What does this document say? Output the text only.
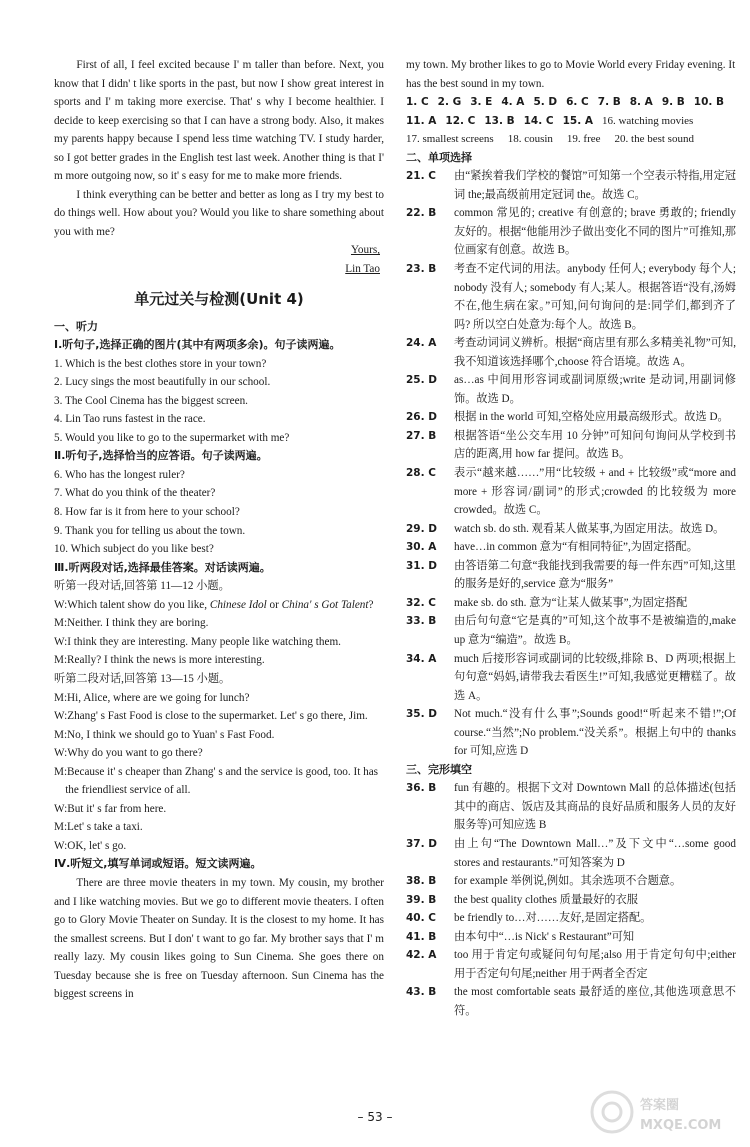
First of all, I feel excited because I' m taller than before. Next, you know that I didn' t like sports in the past, but now I show great interest in sports and I' m taking more exercise. That' s why I become healthier. I decide to keep exercising so that I can have a strong body. Also, it makes my parents happy because I spend less time watching TV. I study harder, so I got better grades in the English test last week. Another thing is that I' m more outgoing now, so it' s easy for me to make more friends.

I think everything can be better and better as long as I try my best to do things well. How about you? Would you like to share something about you with me?

Yours,

Lin Tao

单元过关与检测(Unit 4)

一、听力

Ⅰ.听句子,选择正确的图片(其中有两项多余)。句子读两遍。

1. Which is the best clothes store in your town?

2. Lucy sings the most beautifully in our school.

3. The Cool Cinema has the biggest screen.

4. Lin Tao runs fastest in the race.

5. Would you like to go to the supermarket with me?

Ⅱ.听句子,选择恰当的应答语。句子读两遍。

6. Who has the longest ruler?

7. What do you think of the theater?

8. How far is it from here to your school?

9. Thank you for telling us about the town.

10. Which subject do you like best?

Ⅲ.听两段对话,选择最佳答案。对话读两遍。

听第一段对话,回答第 11—12 小题。

W:Which talent show do you like, Chinese Idol or China' s Got Talent?

M:Neither. I think they are boring.

W:I think they are interesting. Many people like watching them.

M:Really? I think the news is more interesting.

听第二段对话,回答第 13—15 小题。

M:Hi, Alice, where are we going for lunch?

W:Zhang' s Fast Food is close to the supermarket. Let' s go there, Jim.

M:No, I think we should go to Yuan' s Fast Food.

W:Why do you want to go there?

M:Because it' s cheaper than Zhang' s and the service is good, too. It has the friendliest service of all.

W:But it' s far from here.

M:Let' s take a taxi.

W:OK, let' s go.

Ⅳ.听短文,填写单词或短语。短文读两遍。

There are three movie theaters in my town. My cousin, my brother and I like watching movies. But we go to different movie theaters. I often go to Glory Movie Theater on Sunday. It is the closest to my home. It has the smallest screens. But I don' t want to go far. My brother says that I' m really lazy. My cousin likes going to Sun Cinema. She goes there on Tuesday because she is free on Tuesday afternoon. Sun Cinema has the biggest screens in

my town. My brother likes to go to Movie World every Friday evening. It has the best sound in my town.

1. C 2. G 3. E 4. A 5. D 6. C 7. B 8. A 9. B 10. B
11. A 12. C 13. B 14. C 15. A 16. watching movies
17. smallest screens 18. cousin 19. free 20. the best sound

二、单项选择

21. C	由“紧挨着我们学校的餐馆”可知第一个空表示特指,用定冠词 the;最高级前用定冠词 the。故选 C。
22. B	common 常见的; creative 有创意的; brave 勇敢的; friendly 友好的。根据“他能用沙子做出变化不同的图片”可推知,那位画家有创意。故选 B。
23. B	考查不定代词的用法。anybody 任何人; everybody 每个人; nobody 没有人; somebody 有人;某人。根据答语“没有,汤姆不在,他生病在家。”可知,问句询问的是:同学们,都到齐了吗? 所以空白处意为:每个人。故选 B。
24. A	考查动词词义辨析。根据“商店里有那么多精美礼物”可知,我不知道该选择哪个,choose 符合语境。故选 A。
25. D	as…as 中间用形容词或副词原级;write 是动词,用副词修饰。故选 D。
26. D	根据 in the world 可知,空格处应用最高级形式。故选 D。
27. B	根据答语“坐公交车用 10 分钟”可知问句询问从学校到书店的距离,用 how far 提问。故选 B。
28. C	表示“越来越……”用“比较级 + and + 比较级”或“more and more + 形容词/副词”的形式;crowded 的比较级为 more crowded。故选 C。
29. D	watch sb. do sth. 观看某人做某事,为固定用法。故选 D。
30. A	have…in common 意为“有相同特征”,为固定搭配。
31. D	由答语第二句意“我能找到我需要的每一件东西”可知,这里的服务是好的,service 意为“服务”
32. C	make sb. do sth. 意为“让某人做某事”,为固定搭配
33. B	由后句句意“它是真的”可知,这个故事不是被编造的,make up 意为“编造”。故选 B。
34. A	much 后接形容词或副词的比较级,排除 B、D 两项;根据上句句意“妈妈,请带我去看医生!”可知,我感觉更糟糕了。故选 A。
35. D	Not much.“没有什么事”;Sounds good!“听起来不错!”;Of course.“当然”;No problem.“没关系”。根据上句中的 thanks for 可知,应选 D

三、完形填空

36. B	fun 有趣的。根据下文对 Downtown Mall 的总体描述(包括其中的商店、饭店及其商品的良好品质和服务人员的友好服务等)可知应选 B
37. D	由上句“The Downtown Mall…”及下文中“…some good stores and restaurants.”可知答案为 D
38. B	for example 举例说,例如。其余选项不合题意。
39. B	the best quality clothes 质量最好的衣服
40. C	be friendly to…对……友好,是固定搭配。
41. B	由本句中“…is Nick' s Restaurant”可知
42. A	too 用于肯定句或疑问句句尾;also 用于肯定句句中;either 用于否定句句尾;neither 用于两者全否定
43. B	the most comfortable seats 最舒适的座位,其他选项意思不符。
– 53 –
答案圈
MXQE.COM
